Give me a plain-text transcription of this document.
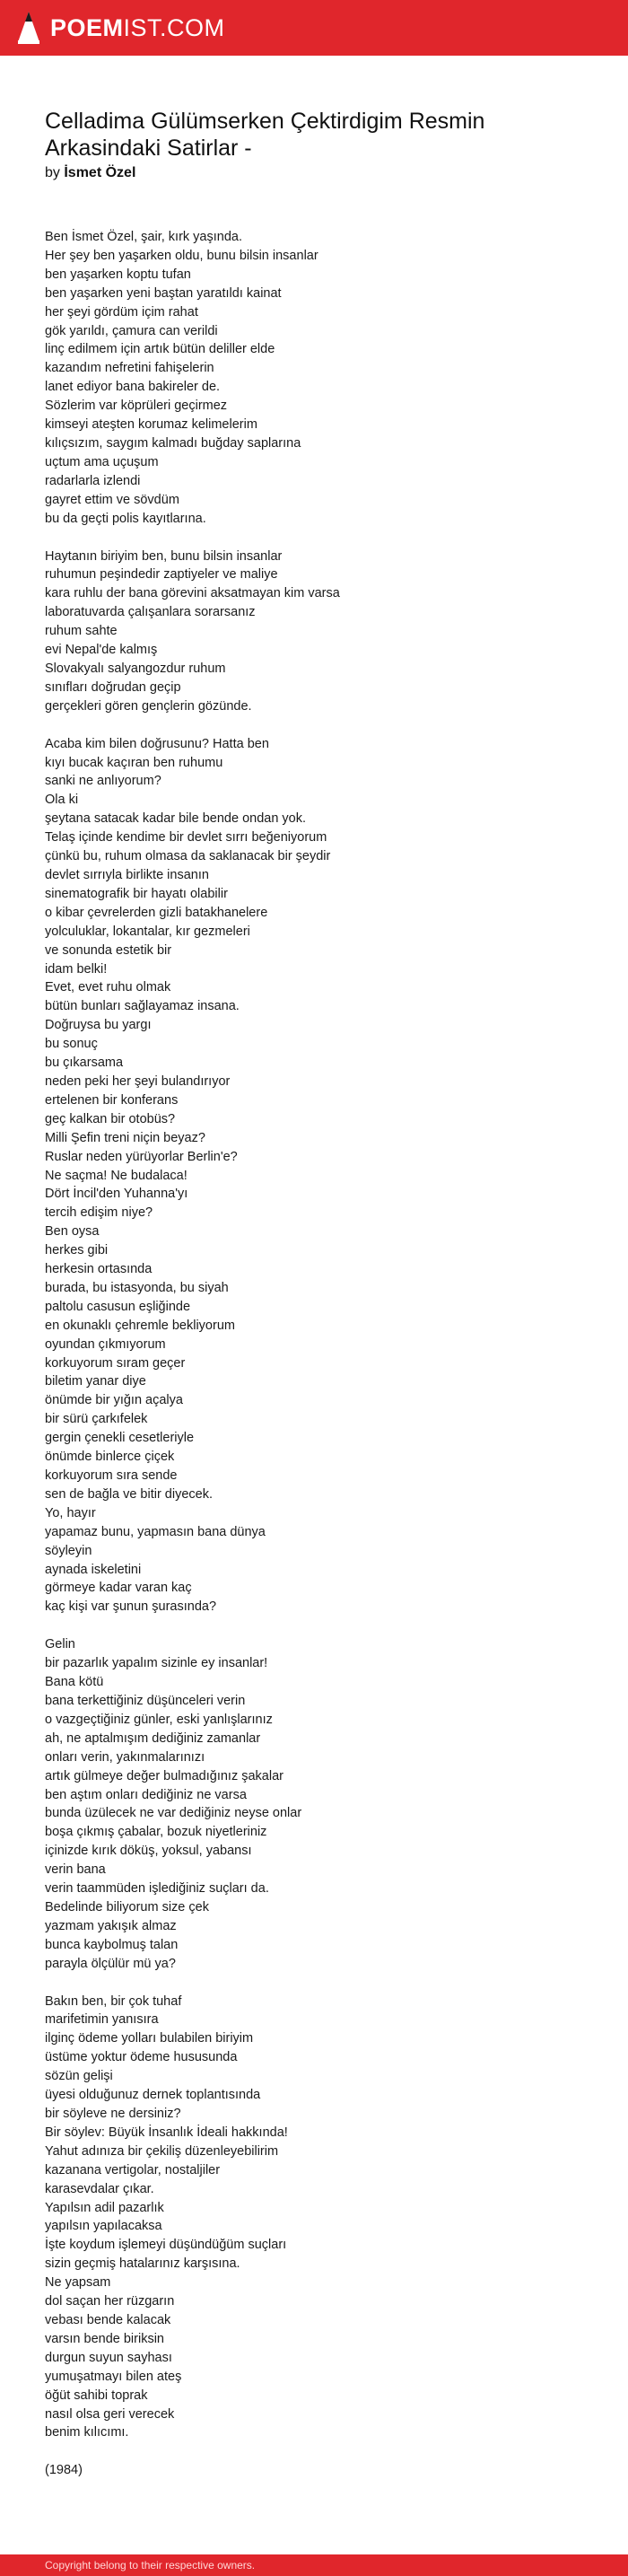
POEMIST.COM
Celladima Gülümserken Çektirdigim Resmin Arkasindaki Satirlar -
by İsmet Özel
Ben İsmet Özel, şair, kırk yaşında.
Her şey ben yaşarken oldu, bunu bilsin insanlar
ben yaşarken koptu tufan
ben yaşarken yeni baştan yaratıldı kainat
her şeyi gördüm içim rahat
gök yarıldı, çamura can verildi
linç edilmem için artık bütün deliller elde
kazandım nefretini fahişelerin
lanet ediyor bana bakireler de.
Sözlerim var köprüleri geçirmez
kimseyi ateşten korumaz kelimelerim
kılıçsızım, saygım kalmadı buğday saplarına
uçtum ama uçuşum
radarlarla izlendi
gayret ettim ve sövdüm
bu da geçti polis kayıtlarına.
Haytanın biriyim ben, bunu bilsin insanlar
ruhumun peşindedir zaptiyeler ve maliye
kara ruhlu der bana görevini aksatmayan kim varsa
laboratuvarda çalışanlara sorarsanız
ruhum sahte
evi Nepal'de kalmış
Slovakyalı salyangozdur ruhum
sınıfları doğrudan geçip
gerçekleri gören gençlerin gözünde.
Acaba kim bilen doğrusunu? Hatta ben
kıyı bucak kaçıran ben ruhumu
sanki ne anlıyorum?
Ola ki
şeytana satacak kadar bile bende ondan yok.
Telaş içinde kendime bir devlet sırrı beğeniyorum
çünkü bu, ruhum olmasa da saklanacak bir şeydir
devlet sırrıyla birlikte insanın
sinematografik bir hayatı olabilir
o kibar çevrelerden gizli batakhanelere
yolculuklar, lokantalar, kır gezmeleri
ve sonunda estetik bir
idam belki!
Evet, evet ruhu olmak
bütün bunları sağlayamaz insana.
Doğruysa bu yargı
bu sonuç
bu çıkarsama
neden peki her şeyi bulandırıyor
ertelenen bir konferans
geç kalkan bir otobüs?
Milli Şefin treni niçin beyaz?
Ruslar neden yürüyorlar Berlin'e?
Ne saçma! Ne budalaca!
Dört İncil'den Yuhanna'yı
tercih edişim niye?
Ben oysa
herkes gibi
herkesin ortasında
burada, bu istasyonda, bu siyah
paltolu casusun eşliğinde
en okunaklı çehremle bekliyorum
oyundan çıkmıyorum
korkuyorum sıram geçer
biletim yanar diye
önümde bir yığın açalya
bir sürü çarkıfelek
gergin çenekli cesetleriyle
önümde binlerce çiçek
korkuyorum sıra sende
sen de bağla ve bitir diyecek.
Yo, hayır
yapamaz bunu, yapmasın bana dünya
söyleyin
aynada iskeletini
görmeye kadar varan kaç
kaç kişi var şunun şurasında?
Gelin
bir pazarlık yapalım sizinle ey insanlar!
Bana kötü
bana terkettiğiniz düşünceleri verin
o vazgeçtiğiniz günler, eski yanlışlarınız
ah, ne aptalmışım dediğiniz zamanlar
onları verin, yakınmalarınızı
artık gülmeye değer bulmadığınız şakalar
ben aştım onları dediğiniz ne varsa
bunda üzülecek ne var dediğiniz neyse onlar
boşa çıkmış çabalar, bozuk niyetleriniz
içinizde kırık döküş, yoksul, yabansı
verin bana
verin taammüden işlediğiniz suçları da.
Bedelinde biliyorum size çek
yazmam yakışık almaz
bunca kaybolmuş talan
parayla ölçülür mü ya?
Bakın ben, bir çok tuhaf
marifetimin yanısıra
ilginç ödeme yolları bulabilen biriyim
üstüme yoktur ödeme hususunda
sözün gelişi
üyesi olduğunuz dernek toplantısında
bir söyleve ne dersiniz?
Bir söylev: Büyük İnsanlık İdeali hakkında!
Yahut adınıza bir çekiliş düzenleyebilirim
kazanana vertigolar, nostaljiler
karasevdalar çıkar.
Yapılsın adil pazarlık
yapılsın yapılacaksa
İşte koydum işlemeyi düşündüğüm suçları
sizin geçmiş hatalarınız karşısına.
Ne yapsam
dol saçan her rüzgarın
vebası bende kalacak
varsın bende biriksin
durgun suyun sayhası
yumuşatmayı bilen ateş
öğüt sahibi toprak
nasıl olsa geri verecek
benim kılıcımı.
(1984)
Copyright belong to their respective owners.
